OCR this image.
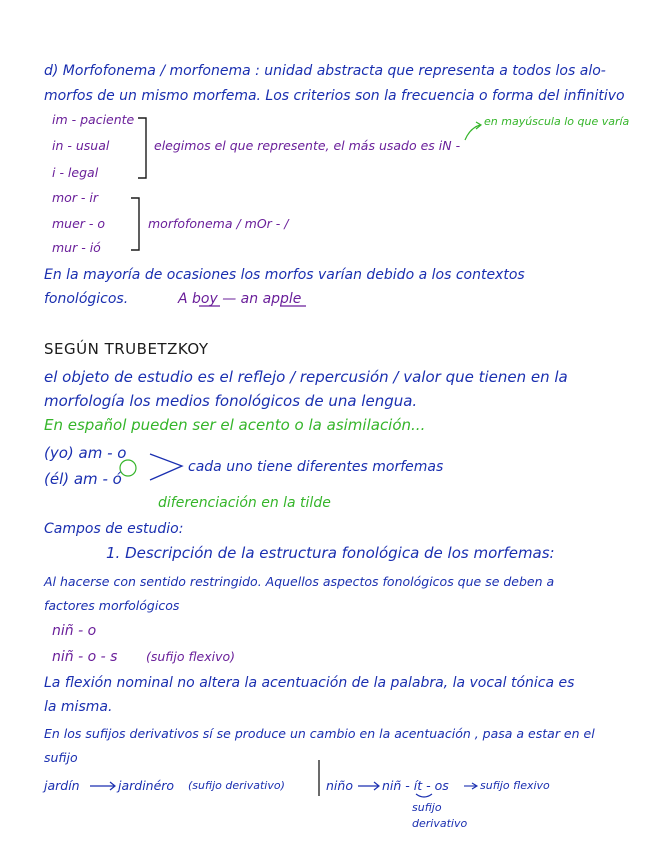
d) Morfofonema / morfonema : unidad abstracta que representa a todos los alo-
morfos de un mismo morfema. Los criterios son la frecuencia o forma del infinitivo
im - paciente
in - usual
i - legal
elegimos el que represente, el más usado es iN -
en mayúscula lo que varía
mor - ir
muer - o
mur - ió
morfofonema / mOr - /
En la mayoría de ocasiones los morfos varían debido a los contextos
fonológicos.	A boy — an apple
SEGÚN TRUBETZKOY
el objeto de estudio es el reflejo / repercusión / valor que tienen en la
morfología los medios fonológicos de una lengua.
En español pueden ser el acento o la asimilación...
(yo) am - o
(él) am - ó
cada uno tiene diferentes morfemas
diferenciación en la tilde
Campos de estudio:
1. Descripción de la estructura fonológica de los morfemas:
Al hacerse con sentido restringido. Aquellos aspectos fonológicos que se deben a
factores morfológicos
niñ - o
niñ - o - s (sufijo flexivo)
La flexión nominal no altera la acentuación de la palabra, la vocal tónica es
la misma.
En los sufijos derivativos sí se produce un cambio en la acentuación , pasa a estar en el
sufijo
jardín	jardinéro (sufijo derivativo)	niño niñ - ít - os	sufijo flexivo
sufijo
derivativo
